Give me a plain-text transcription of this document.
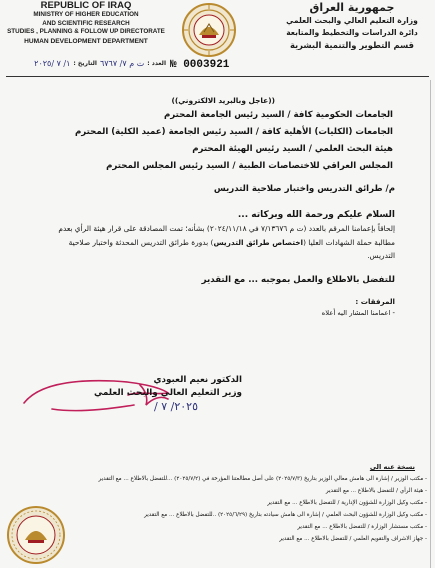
REPUBLIC OF IRAQ
MINISTRY OF HIGHER EDUCATION
AND SCIENTIFIC RESEARCH
STUDIES , PLANNING & FOLLOW UP DIRECTORATE
HUMAN DEVELOPMENT DEPARTMENT
جمهورية العراق
وزارة التعليم العالي والبحث العلمي
دائرة الدراسات والتخطيط والمتابعة
قسم التطوير والتنمية البشرية
العدد :
ت م ٧/ ٦٧٦٧
التاريخ :
١/ ٧ /٢٠٢٥	№ 0003921
((عاجل وبالبريد الالكتروني))
الجامعات الحكومية كافة / السيد رئيس الجامعة المحترم
الجامعات (الكليات) الأهلية كافة / السيد رئيس الجامعة (عميد الكلية) المحترم
هيئة البحث العلمي / السيد رئيس الهيئة المحترم
المجلس العراقي للاختصاصات الطبية / السيد رئيس المجلس المحترم
م/ طرائق التدريس واختبار صلاحية التدريس
السلام عليكم ورحمة الله وبركاته ...
إلحاقاً بإعمامنا المرقم بالعدد (ت م ٧/١٣٦٧٦ في ٢٠٢٤/١١/١٨) بشأنه؛ تمت المصادقة على قرار هيئة الرأي بعدم مطالبة حملة الشهادات العليا (اختصاص طرائق التدريس) بدورة طرائق التدريس المحدثة واختبار صلاحية التدريس.
للتفضل بالاطلاع والعمل بموجبه ... مع التقدير
المرفقات :
- اعمامنا المشار اليه أعلاه
الدكتور نعيم العبودي
وزير التعليم العالي والبحث العلمي
٢٠٢٥/ ٧ /
نسخة عنه الى
- مكتب الوزير / إشارة الى هامش معالي الوزير بتاريخ (٢٠٢٥/٧/٣) على أصل مطالعتنا المؤرخة في (٢٠٢٥/٧/٢) ...للتفضل بالاطلاع ... مع التقدير
- هيئة الرأي / للتفضل بالاطلاع ... مع التقدير
- مكتب وكيل الوزارة للشؤون الإدارية / للتفضل بالاطلاع ... مع التقدير
- مكتب وكيل الوزارة للشؤون البحث العلمي / إشارة الى هامش سيادته بتاريخ (٢٠٢٥/٦/٢٩) ..للتفضل بالاطلاع ... مع التقدير
- مكتب مستشار الوزارة / للتفضل بالاطلاع ... مع التقدير
- جهاز الاشراف والتقويم العلمي / للتفضل بالاطلاع ... مع التقدير
